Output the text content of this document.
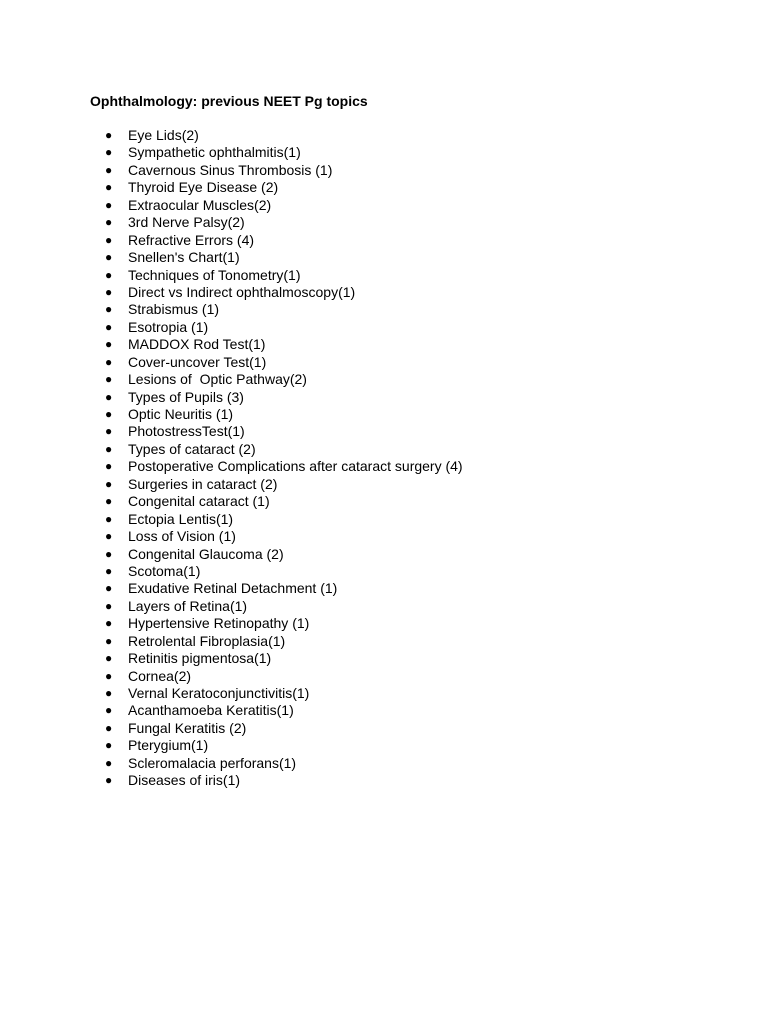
Ophthalmology: previous NEET Pg topics
● Eye Lids(2)
● Sympathetic ophthalmitis(1)
● Cavernous Sinus Thrombosis (1)
● Thyroid Eye Disease (2)
● Extraocular Muscles(2)
● 3rd Nerve Palsy(2)
● Refractive Errors (4)
● Snellen's Chart(1)
● Techniques of Tonometry(1)
● Direct vs Indirect ophthalmoscopy(1)
● Strabismus (1)
● Esotropia (1)
● MADDOX Rod Test(1)
● Cover-uncover Test(1)
● Lesions of  Optic Pathway(2)
● Types of Pupils (3)
● Optic Neuritis (1)
● PhotostressTest(1)
● Types of cataract (2)
● Postoperative Complications after cataract surgery (4)
● Surgeries in cataract (2)
● Congenital cataract (1)
● Ectopia Lentis(1)
● Loss of Vision (1)
● Congenital Glaucoma (2)
● Scotoma(1)
● Exudative Retinal Detachment (1)
● Layers of Retina(1)
● Hypertensive Retinopathy (1)
● Retrolental Fibroplasia(1)
● Retinitis pigmentosa(1)
● Cornea(2)
● Vernal Keratoconjunctivitis(1)
● Acanthamoeba Keratitis(1)
● Fungal Keratitis (2)
● Pterygium(1)
● Scleromalacia perforans(1)
● Diseases of iris(1)
